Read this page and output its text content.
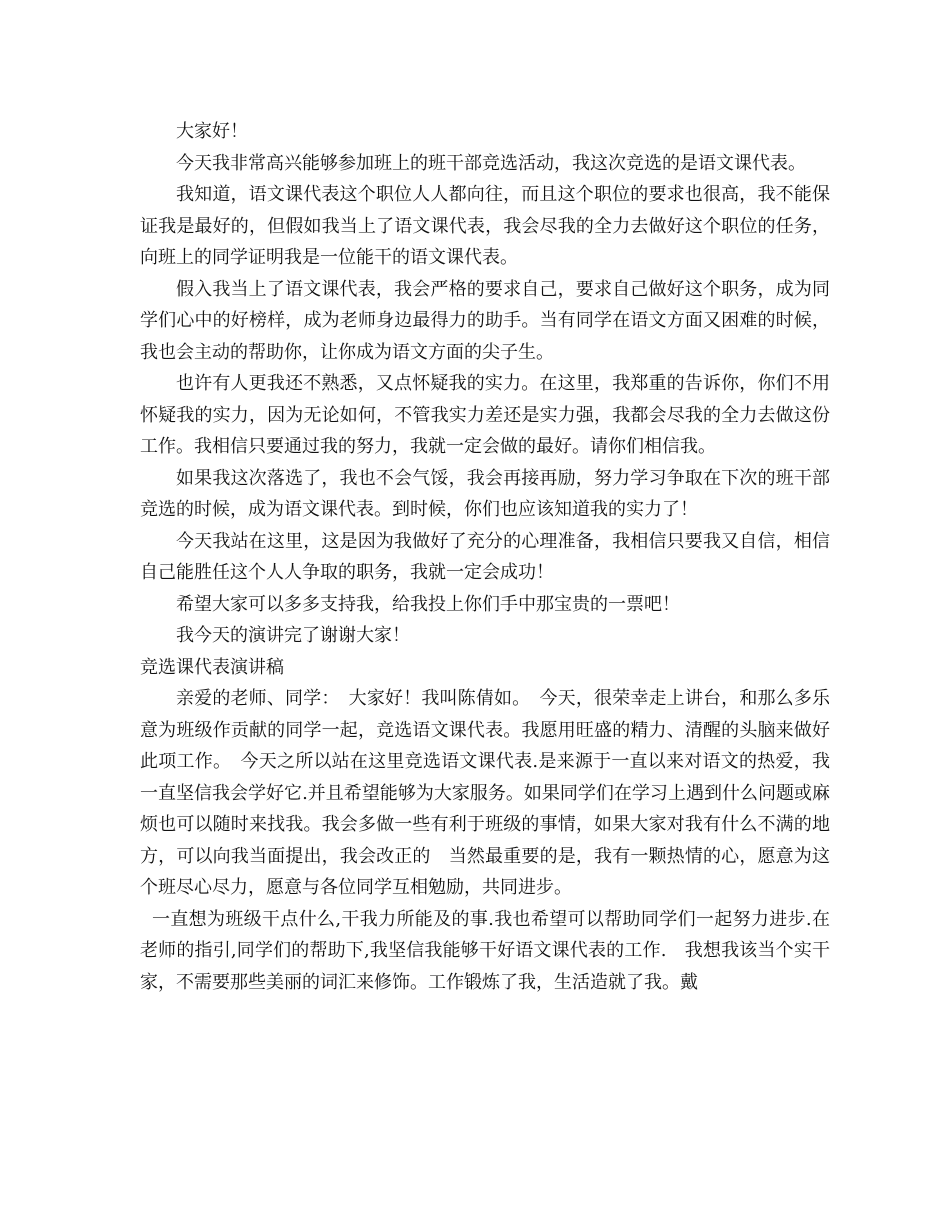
大家好！

今天我非常高兴能够参加班上的班干部竞选活动，我这次竞选的是语文课代表。

我知道，语文课代表这个职位人人都向往，而且这个职位的要求也很高，我不能保证我是最好的，但假如我当上了语文课代表，我会尽我的全力去做好这个职位的任务，向班上的同学证明我是一位能干的语文课代表。

假入我当上了语文课代表，我会严格的要求自己，要求自己做好这个职务，成为同学们心中的好榜样，成为老师身边最得力的助手。当有同学在语文方面又困难的时候，我也会主动的帮助你，让你成为语文方面的尖子生。

也许有人更我还不熟悉，又点怀疑我的实力。在这里，我郑重的告诉你，你们不用怀疑我的实力，因为无论如何，不管我实力差还是实力强，我都会尽我的全力去做这份工作。我相信只要通过我的努力，我就一定会做的最好。请你们相信我。

如果我这次落选了，我也不会气馁，我会再接再励，努力学习争取在下次的班干部竞选的时候，成为语文课代表。到时候，你们也应该知道我的实力了！

今天我站在这里，这是因为我做好了充分的心理准备，我相信只要我又自信，相信自己能胜任这个人人争取的职务，我就一定会成功！

希望大家可以多多支持我，给我投上你们手中那宝贵的一票吧！

我今天的演讲完了谢谢大家！

竞选课代表演讲稿

亲爱的老师、同学：　大家好！我叫陈倩如。　今天，很荣幸走上讲台，和那么多乐意为班级作贡献的同学一起，竞选语文课代表。我愿用旺盛的精力、清醒的头脑来做好此项工作。　今天之所以站在这里竞选语文课代表.是来源于一直以来对语文的热爱，我一直坚信我会学好它.并且希望能够为大家服务。如果同学们在学习上遇到什么问题或麻烦也可以随时来找我。我会多做一些有利于班级的事情，如果大家对我有什么不满的地方，可以向我当面提出，我会改正的　当然最重要的是，我有一颗热情的心，愿意为这个班尽心尽力，愿意与各位同学互相勉励，共同进步。

一直想为班级干点什么,干我力所能及的事.我也希望可以帮助同学们一起努力进步.在老师的指引,同学们的帮助下,我坚信我能够干好语文课代表的工作.　我想我该当个实干家，不需要那些美丽的词汇来修饰。工作锻炼了我，生活造就了我。戴
